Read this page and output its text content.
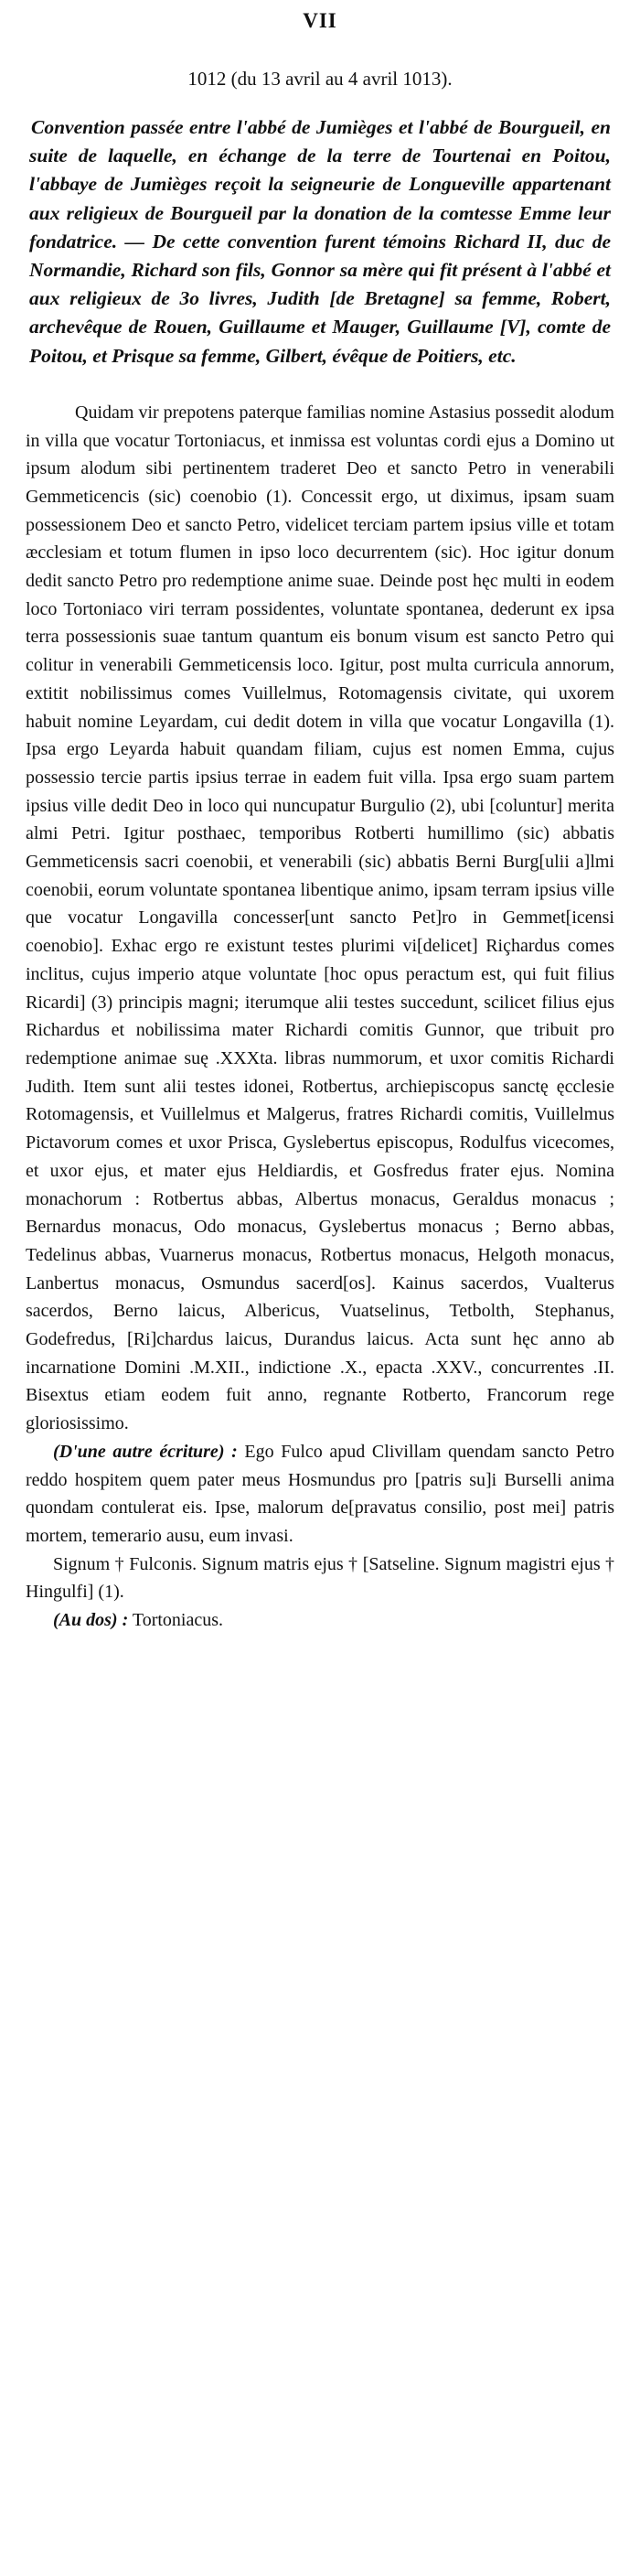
VII
1012 (du 13 avril au 4 avril 1013).
Convention passée entre l'abbé de Jumièges et l'abbé de Bourgueil, en suite de laquelle, en échange de la terre de Tourtenai en Poitou, l'abbaye de Jumièges reçoit la seigneurie de Longueville appartenant aux religieux de Bourgueil par la donation de la comtesse Emme leur fondatrice. — De cette convention furent témoins Richard II, duc de Normandie, Richard son fils, Gonnor sa mère qui fit présent à l'abbé et aux religieux de 3o livres, Judith [de Bretagne] sa femme, Robert, archevêque de Rouen, Guillaume et Mauger, Guillaume [V], comte de Poitou, et Prisque sa femme, Gilbert, évêque de Poitiers, etc.

Quidam vir prepotens paterque familias nomine Astasius possedit alodum in villa que vocatur Tortoniacus, et inmissa est voluntas cordi ejus a Domino ut ipsum alodum sibi pertinentem traderet Deo et sancto Petro in venerabili Gemmeticencis (sic) coenobio (1). Concessit ergo, ut diximus, ipsam suam possessionem Deo et sancto Petro, videlicet terciam partem ipsius ville et totam æcclesiam et totum flumen in ipso loco decurrentem (sic). Hoc igitur donum dedit sancto Petro pro redemptione anime suae. Deinde post hęc multi in eodem loco Tortoniaco viri terram possidentes, voluntate spontanea, dederunt ex ipsa terra possessionis suae tantum quantum eis bonum visum est sancto Petro qui colitur in venerabili Gemmeticensis loco. Igitur, post multa curricula annorum, extitit nobilissimus comes Vuillelmus, Rotomagensis civitate, qui uxorem habuit nomine Leyardam, cui dedit dotem in villa que vocatur Longavilla (1). Ipsa ergo Leyarda habuit quandam filiam, cujus est nomen Emma, cujus possessio tercie partis ipsius terrae in eadem fuit villa. Ipsa ergo suam partem ipsius ville dedit Deo in loco qui nuncupatur Burgulio (2), ubi [coluntur] merita almi Petri. Igitur posthaec, temporibus Rotberti humillimo (sic) abbatis Gemmeticensis sacri coenobii, et venerabili (sic) abbatis Berni Burg[ulii a]lmi coenobii, eorum voluntate spontanea libentique animo, ipsam terram ipsius ville que vocatur Longavilla concesser[unt sancto Pet]ro in Gemmet[icensi coenobio]. Exhac ergo re existunt testes plurimi vi[delicet] Riçhardus comes inclitus, cujus imperio atque voluntate [hoc opus peractum est, qui fuit filius Ricardi] (3) principis magni; iterumque alii testes succedunt, scilicet filius ejus Richardus et nobilissima mater Richardi comitis Gunnor, que tribuit pro redemptione animae suę .XXXta. libras nummorum, et uxor comitis Richardi Judith. Item sunt alii testes idonei, Rotbertus, archiepiscopus sanctę ęcclesie Rotomagensis, et Vuillelmus et Malgerus, fratres Richardi comitis, Vuillelmus Pictavorum comes et uxor Prisca, Gyslebertus episcopus, Rodulfus vicecomes, et uxor ejus, et mater ejus Heldiardis, et Gosfredus frater ejus. Nomina monachorum : Rotbertus abbas, Albertus monacus, Geraldus monacus ; Bernardus monacus, Odo monacus, Gyslebertus monacus ; Berno abbas, Tedelinus abbas, Vuarnerus monacus, Rotbertus monacus, Helgoth monacus, Lanbertus monacus, Osmundus sacerd[os]. Kainus sacerdos, Vualterus sacerdos, Berno laicus, Albericus, Vuatselinus, Tetbolth, Stephanus, Godefredus, [Ri]chardus laicus, Durandus laicus. Acta sunt hęc anno ab incarnatione Domini .M.XII., indictione .X., epacta .XXV., concurrentes .II. Bisextus etiam eodem fuit anno, regnante Rotberto, Francorum rege gloriosissimo.

(D'une autre écriture) : Ego Fulco apud Clivillam quendam sancto Petro reddo hospitem quem pater meus Hosmundus pro [patris su]i Burselli anima quondam contulerat eis. Ipse, malorum de[pravatus consilio, post mei] patris mortem, temerario ausu, eum invasi.

Signum † Fulconis. Signum matris ejus † [Satseline. Signum magistri ejus † Hingulfi] (1).

(Au dos) : Tortoniacus.
